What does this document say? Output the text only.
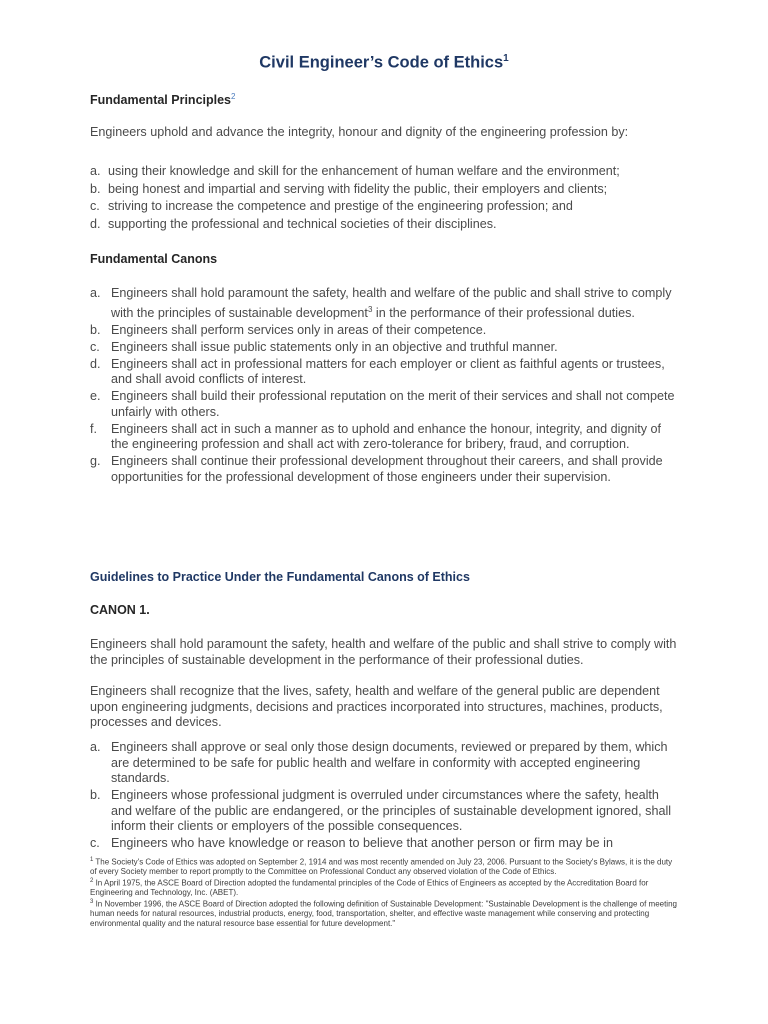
Civil Engineer’s Code of Ethics$^1$
Fundamental Principles$^2$
Engineers uphold and advance the integrity, honour and dignity of the engineering profession by:
a. using their knowledge and skill for the enhancement of human welfare and the environment;
b. being honest and impartial and serving with fidelity the public, their employers and clients;
c. striving to increase the competence and prestige of the engineering profession; and
d. supporting the professional and technical societies of their disciplines.
Fundamental Canons
a. Engineers shall hold paramount the safety, health and welfare of the public and shall strive to comply with the principles of sustainable development$^3$ in the performance of their professional duties.
b. Engineers shall perform services only in areas of their competence.
c. Engineers shall issue public statements only in an objective and truthful manner.
d. Engineers shall act in professional matters for each employer or client as faithful agents or trustees, and shall avoid conflicts of interest.
e. Engineers shall build their professional reputation on the merit of their services and shall not compete unfairly with others.
f. Engineers shall act in such a manner as to uphold and enhance the honour, integrity, and dignity of the engineering profession and shall act with zero-tolerance for bribery, fraud, and corruption.
g. Engineers shall continue their professional development throughout their careers, and shall provide opportunities for the professional development of those engineers under their supervision.
Guidelines to Practice Under the Fundamental Canons of Ethics
CANON 1.
Engineers shall hold paramount the safety, health and welfare of the public and shall strive to comply with the principles of sustainable development in the performance of their professional duties.
Engineers shall recognize that the lives, safety, health and welfare of the general public are dependent upon engineering judgments, decisions and practices incorporated into structures, machines, products, processes and devices.
a. Engineers shall approve or seal only those design documents, reviewed or prepared by them, which are determined to be safe for public health and welfare in conformity with accepted engineering standards.
b. Engineers whose professional judgment is overruled under circumstances where the safety, health and welfare of the public are endangered, or the principles of sustainable development ignored, shall inform their clients or employers of the possible consequences.
c. Engineers who have knowledge or reason to believe that another person or firm may be in
$^1$ The Society's Code of Ethics was adopted on September 2, 1914 and was most recently amended on July 23, 2006. Pursuant to the Society's Bylaws, it is the duty of every Society member to report promptly to the Committee on Professional Conduct any observed violation of the Code of Ethics.
$^2$ In April 1975, the ASCE Board of Direction adopted the fundamental principles of the Code of Ethics of Engineers as accepted by the Accreditation Board for Engineering and Technology, Inc. (ABET).
$^3$ In November 1996, the ASCE Board of Direction adopted the following definition of Sustainable Development: "Sustainable Development is the challenge of meeting human needs for natural resources, industrial products, energy, food, transportation, shelter, and effective waste management while conserving and protecting environmental quality and the natural resource base essential for future development."
